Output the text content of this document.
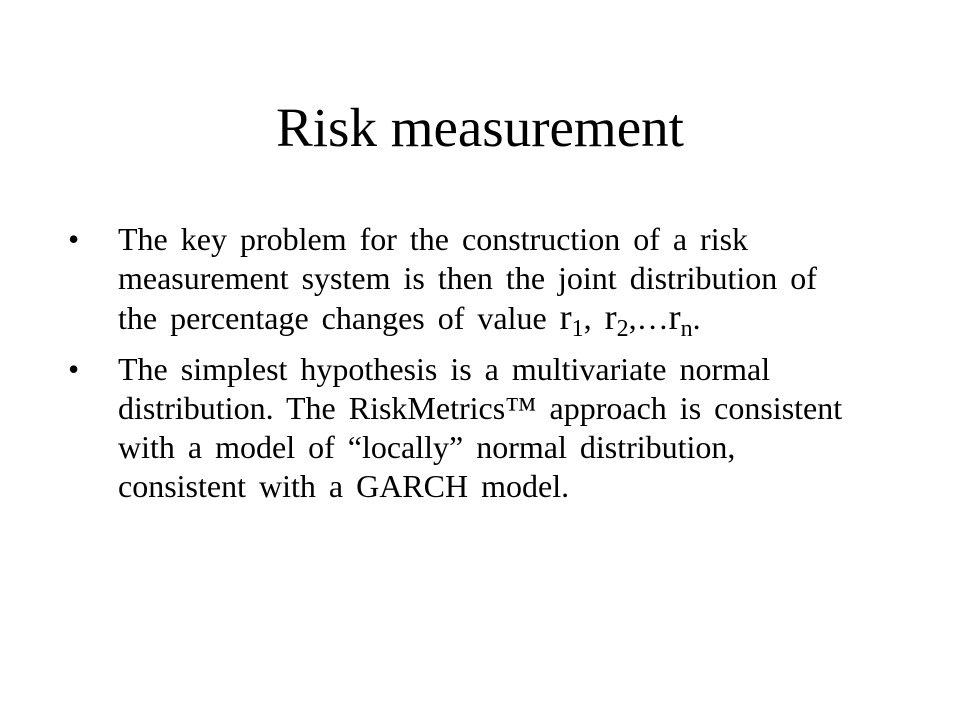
Risk measurement
• The key problem for the construction of a risk measurement system is then the joint distribution of the percentage changes of value $r_1$, $r_2,\dots r_n$.
• The simplest hypothesis is a multivariate normal distribution. The RiskMetrics™ approach is consistent with a model of “locally” normal distribution, consistent with a GARCH model.
